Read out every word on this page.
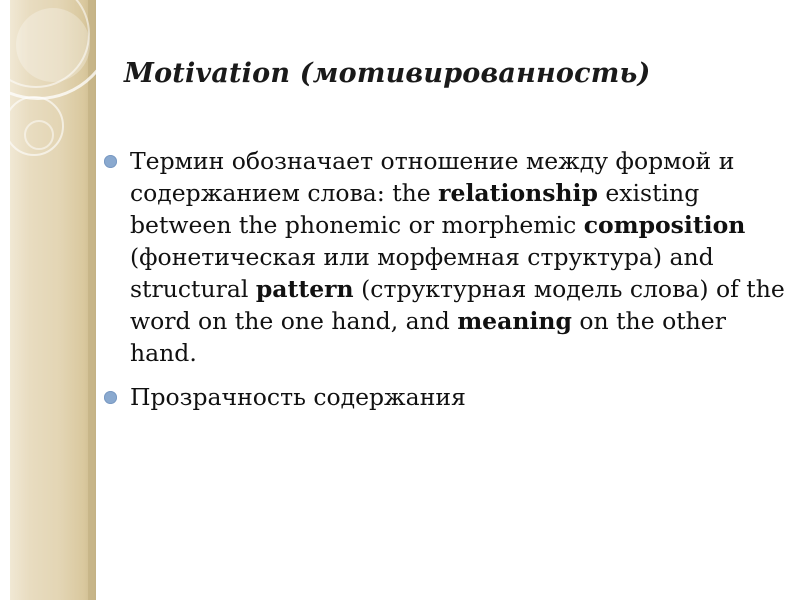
Motivation (мотивированность)
Термин обозначает отношение между формой и содержанием слова: the relationship existing between the phonemic or morphemic composition (фонетическая или морфемная структура) and structural pattern (структурная модель слова) of the word on the one hand, and meaning on the other hand.
Прозрачность содержания
